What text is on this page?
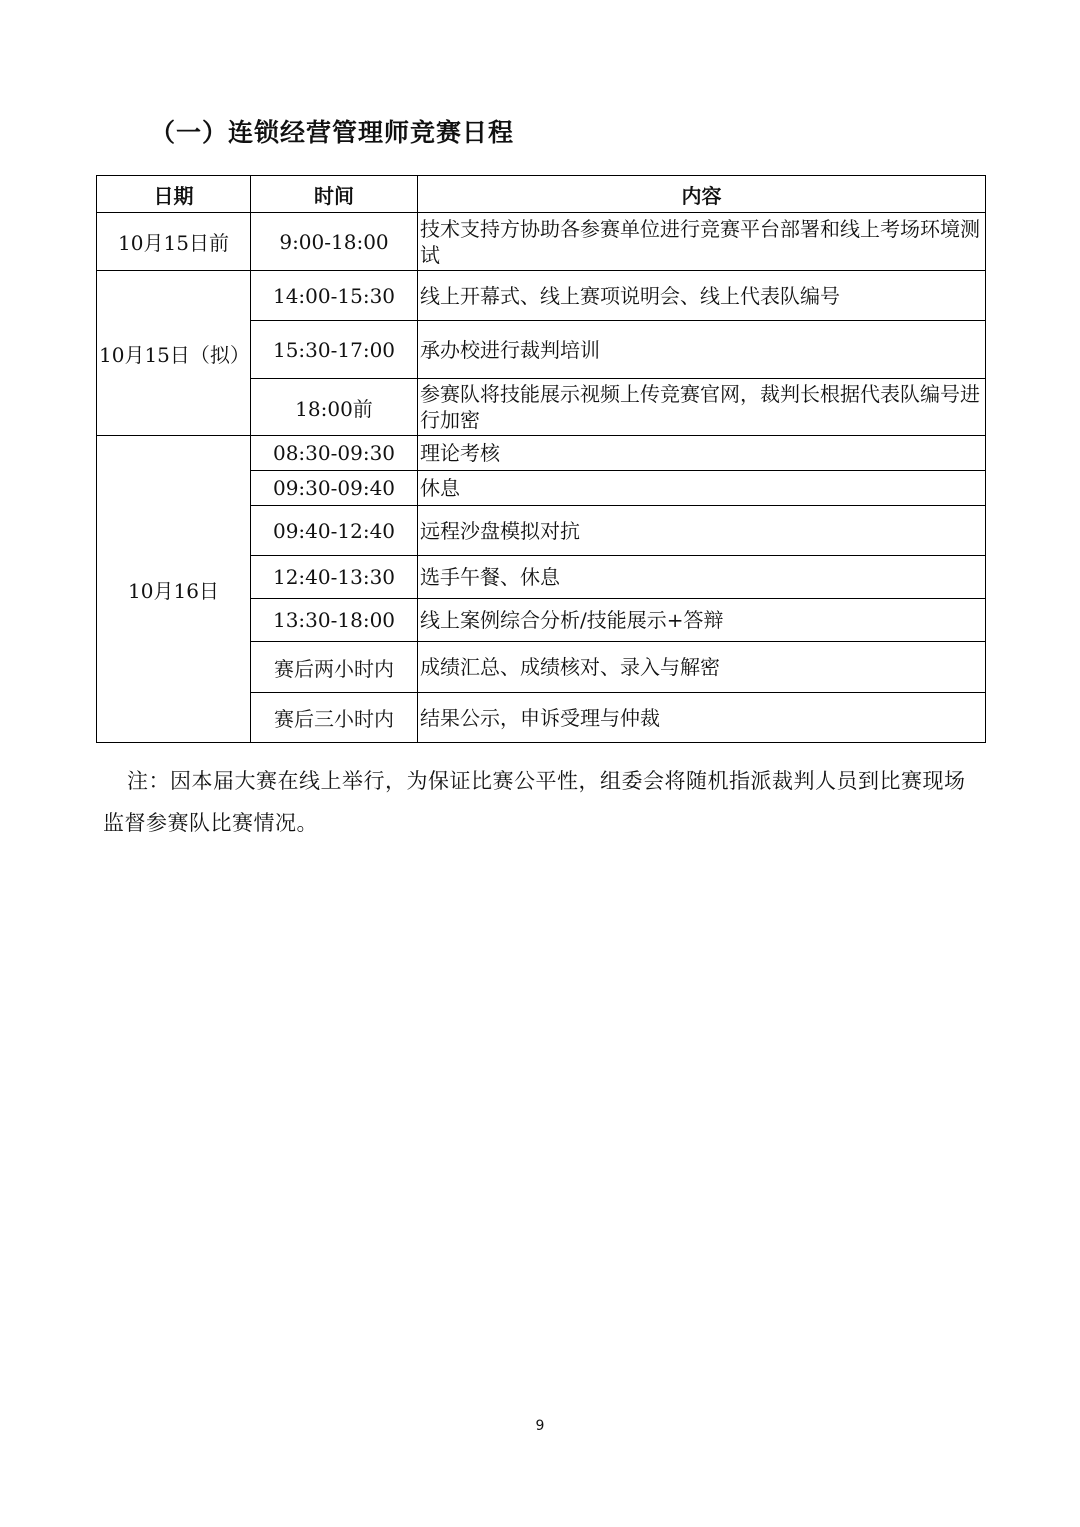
（一）连锁经营管理师竞赛日程
日期	时间	内容
10月15日前	9:00-18:00	技术支持方协助各参赛单位进行竞赛平台部署和线上考场环境测试
10月15日（拟）	14:00-15:30	线上开幕式、线上赛项说明会、线上代表队编号
	15:30-17:00	承办校进行裁判培训
	18:00前	参赛队将技能展示视频上传竞赛官网，裁判长根据代表队编号进行加密
10月16日	08:30-09:30	理论考核
	09:30-09:40	休息
	09:40-12:40	远程沙盘模拟对抗
	12:40-13:30	选手午餐、休息
	13:30-18:00	线上案例综合分析/技能展示+答辩
	赛后两小时内	成绩汇总、成绩核对、录入与解密
	赛后三小时内	结果公示，申诉受理与仲裁

注：因本届大赛在线上举行，为保证比赛公平性，组委会将随机指派裁判人员到比赛现场监督参赛队比赛情况。

9
